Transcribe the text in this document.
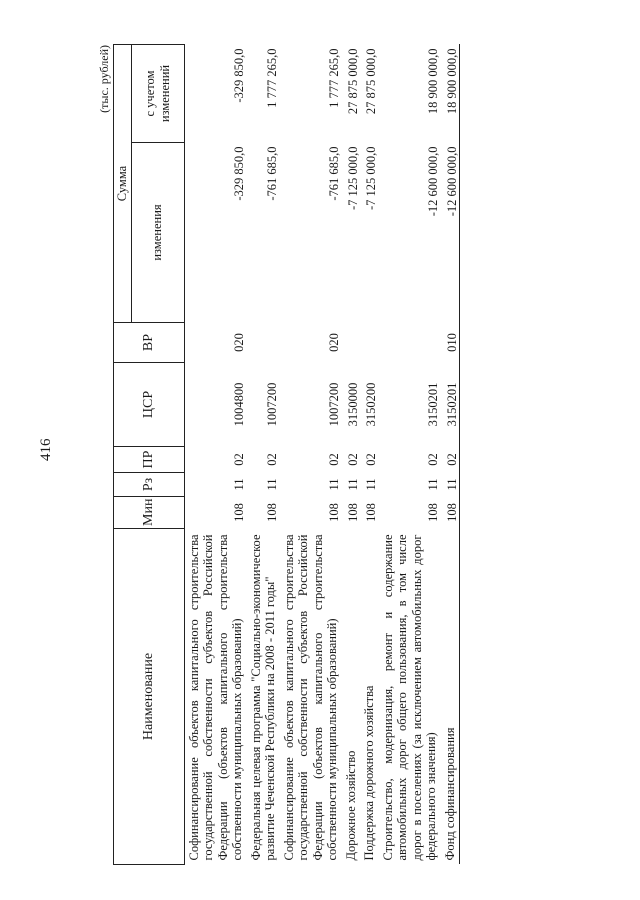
416
(тыс. рублей)
Наименование	Мин	Рз	ПР	ЦСР	ВР	Сумма	
						изменения	с учетом изменений
Софинансирование объектов капитального строительства государственной собственности субъектов Российской Федерации (объектов капитального строительства собственности муниципальных образований)	108	11	02	1004800	020	-329 850,0	-329 850,0
Федеральная целевая программа "Социально-экономическое развитие Чеченской Республики на 2008 - 2011 годы"	108	11	02	1007200		-761 685,0	1 777 265,0
Софинансирование объектов капитального строительства государственной собственности субъектов Российской Федерации (объектов капитального строительства собственности муниципальных образований)	108	11	02	1007200	020	-761 685,0	1 777 265,0
Дорожное хозяйство	108	11	02	3150000		-7 125 000,0	27 875 000,0
Поддержка дорожного хозяйства	108	11	02	3150200		-7 125 000,0	27 875 000,0
Строительство, модернизация, ремонт и содержание автомобильных дорог общего пользования, в том числе дорог в поселениях (за исключением автомобильных дорог федерального значения)	108	11	02	3150201		-12 600 000,0	18 900 000,0
Фонд софинансирования	108	11	02	3150201	010	-12 600 000,0	18 900 000,0
